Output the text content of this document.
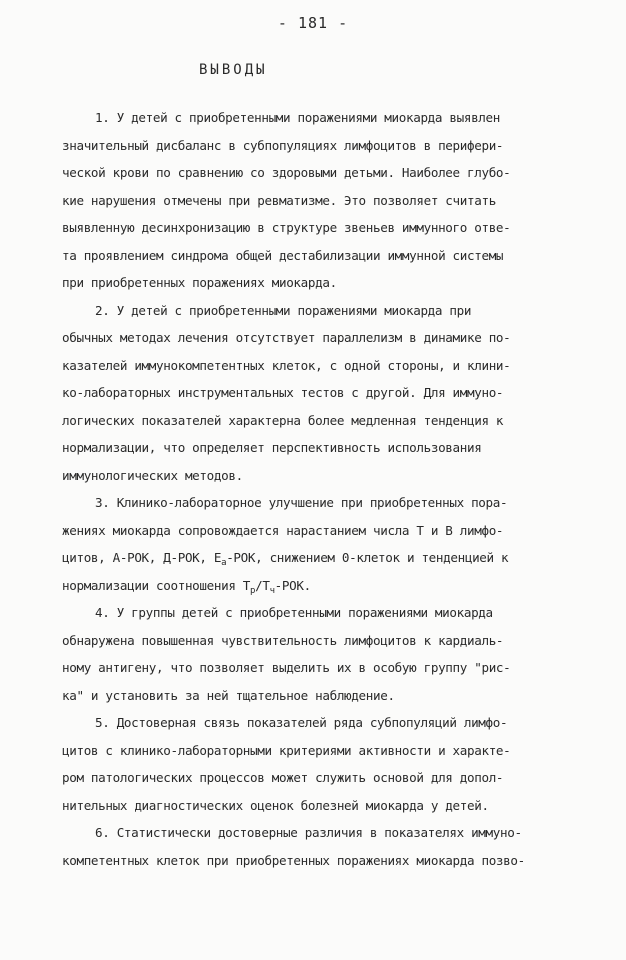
- 181 -
ВЫВОДЫ
1. У детей с приобретенными поражениями миокарда выявлен
значительный дисбаланс в субпопуляциях лимфоцитов в перифери-
ческой крови по сравнению со здоровыми детьми. Наиболее глубо-
кие нарушения отмечены при ревматизме. Это позволяет считать
выявленную десинхронизацию в структуре звеньев иммунного отве-
та проявлением синдрома общей дестабилизации иммунной системы
при приобретенных поражениях миокарда.
2. У детей с приобретенными поражениями миокарда при
обычных методах лечения отсутствует параллелизм в динамике по-
казателей иммунокомпетентных клеток, с одной стороны, и клини-
ко-лабораторных инструментальных тестов с другой. Для иммуно-
логических показателей характерна более медленная тенденция к
нормализации, что определяет перспективность использования
иммунологических методов.
3. Клинико-лабораторное улучшение при приобретенных пора-
жениях миокарда сопровождается нарастанием числа Т и В лимфо-
цитов, А-РОК, Д-РОК, $Е_а$-РОК, снижением 0-клеток и тенденцией к
нормализации соотношения $Т_р/Т_ч$-РОК.
4. У группы детей с приобретенными поражениями миокарда
обнаружена повышенная чувствительность лимфоцитов к кардиаль-
ному антигену, что позволяет выделить их в особую группу "рис-
ка" и установить за ней тщательное наблюдение.
5. Достоверная связь показателей ряда субпопуляций лимфо-
цитов с клинико-лабораторными критериями активности и характе-
ром патологических процессов может служить основой для допол-
нительных диагностических оценок болезней миокарда у детей.
6. Статистически достоверные различия в показателях иммуно-
компетентных клеток при приобретенных поражениях миокарда позво-
